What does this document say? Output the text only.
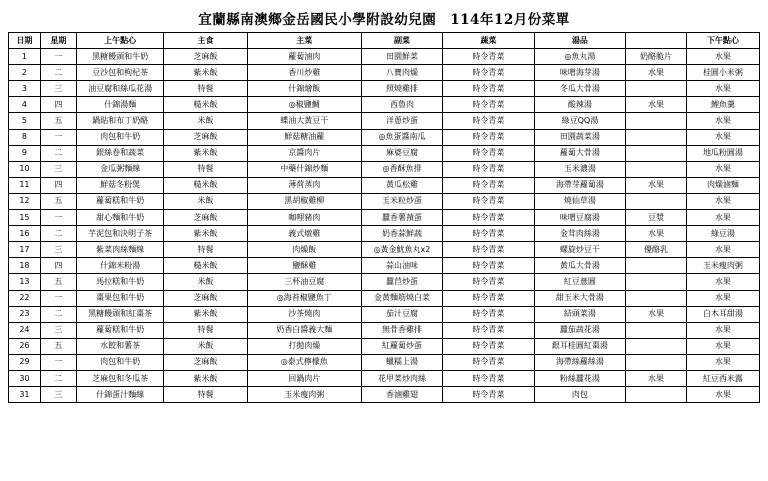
宜蘭縣南澳鄉金岳國民小學附設幼兒園　114年12月份菜單
日期	星期	上午點心	主食	主菜	副菜	蔬菜	湯品		下午點心
1	一	黑糖饅頭和牛奶	芝麻飯	蘿蔔滷肉	田園鮮菜	時令青菜	◎魚丸湯	奶酪脆片	水果
2	二	豆沙包和枸杞茶	紫米飯	香川炒雞	八寶肉燥	時令青菜	味噌海芽湯	水果	桂圓小米粥
3	三	油豆腐和絲瓜花湯	特餐	什錦燴飯	照燒雞排	時令青菜	冬瓜大骨湯		水果
4	四	什錦湯麵	糙米飯	◎椒鹽鯛	西魯肉	時令青菜	酸辣湯	水果	鯉魚羹
5	五	鍋貼和布丁奶酪	米飯	蝶油大黃豆干	洋蔥炒蛋	時令青菜	綠豆QQ湯		水果
8	一	肉包和牛奶	芝麻飯	鮮菇糖油蘿	◎魚蛋醬南瓜	時令青菜	田園蔬菜湯		水果
9	二	銀絲卷和蔬菜	紫米飯	京醬肉片	麻婆豆腐	時令青菜	蘿蔔大骨湯		地瓜粉圓湯
10	三	金瓜粥麵線	特餐	中藥什錦炒麵	◎香酥魚排	時令青菜	玉米濃湯		水果
11	四	鮮菇冬粉煲	糙米飯	薄荷蒸肉	黃瓜松雞	時令青菜	海帶芽蘿蔔湯	水果	肉燥滷麵
12	五	蘿蔔糕和牛奶	米飯	黑胡椒雞柳	玉米粒炒蛋	時令青菜	燒仙草湯		水果
15	一	甜心麵和牛奶	芝麻飯	咖哩豬肉	蠶香薯蕷蛋	時令青菜	味噌豆腐湯	豆漿	水果
16	二	芋泥包和決明子茶	紫米飯	義式燉雞	奶香蒜鮮蔬	時令青菜	金茸肉絲湯	水果	綠豆湯
17	三	紫菜肉絲麵線	特餐	肉燥飯	◎黃金魷魚丸x2	時令青菜	螺旋炒豆干	優酪乳	水果
18	四	什錦米粉湯	糙米飯	鹽酥雞	蒜山油味	時令青菜	黃瓜大骨湯		玉米瘦肉粥
13	五	馬拉糕和牛奶	米飯	三杯油豆腐	蠶苣炒蛋	時令青菜	紅豆薏圓		水果
22	一	棗果包和牛奶	芝麻飯	◎海苔椒鹽魚丁	金黃麵筋燒白菜	時令青菜	甜玉米大骨湯		水果
23	二	黑糖饅頭和紅棗茶	紫米飯	沙茶燒肉	茄汁豆腐	時令青菜	結頭菜湯	水果	白木耳甜湯
24	三	蘿蔔糕和牛奶	特餐	奶香白醬義大麵	無骨香雞排	時令青菜	蠶茄蔬花湯		水果
26	五	水餃和薯茶	米飯	打拋肉燥	紅蘿蔔炒蛋	時令青菜	銀耳桂圓紅棗湯		水果
29	一	肉包和牛奶	芝麻飯	◎泰式檸檬魚	蠟糯上湯	時令青菜	海帶絲蘿絲湯		水果
30	二	芝麻包和冬瓜茶	紫米飯	回鍋肉片	花甲菜炒肉絲	時令青菜	粉絲蠶花湯	水果	紅豆西米露
31	三	什錦蛋汁麵線	特餐	玉米瘦肉粥	香滷雞翅	時令青菜	肉包		水果
